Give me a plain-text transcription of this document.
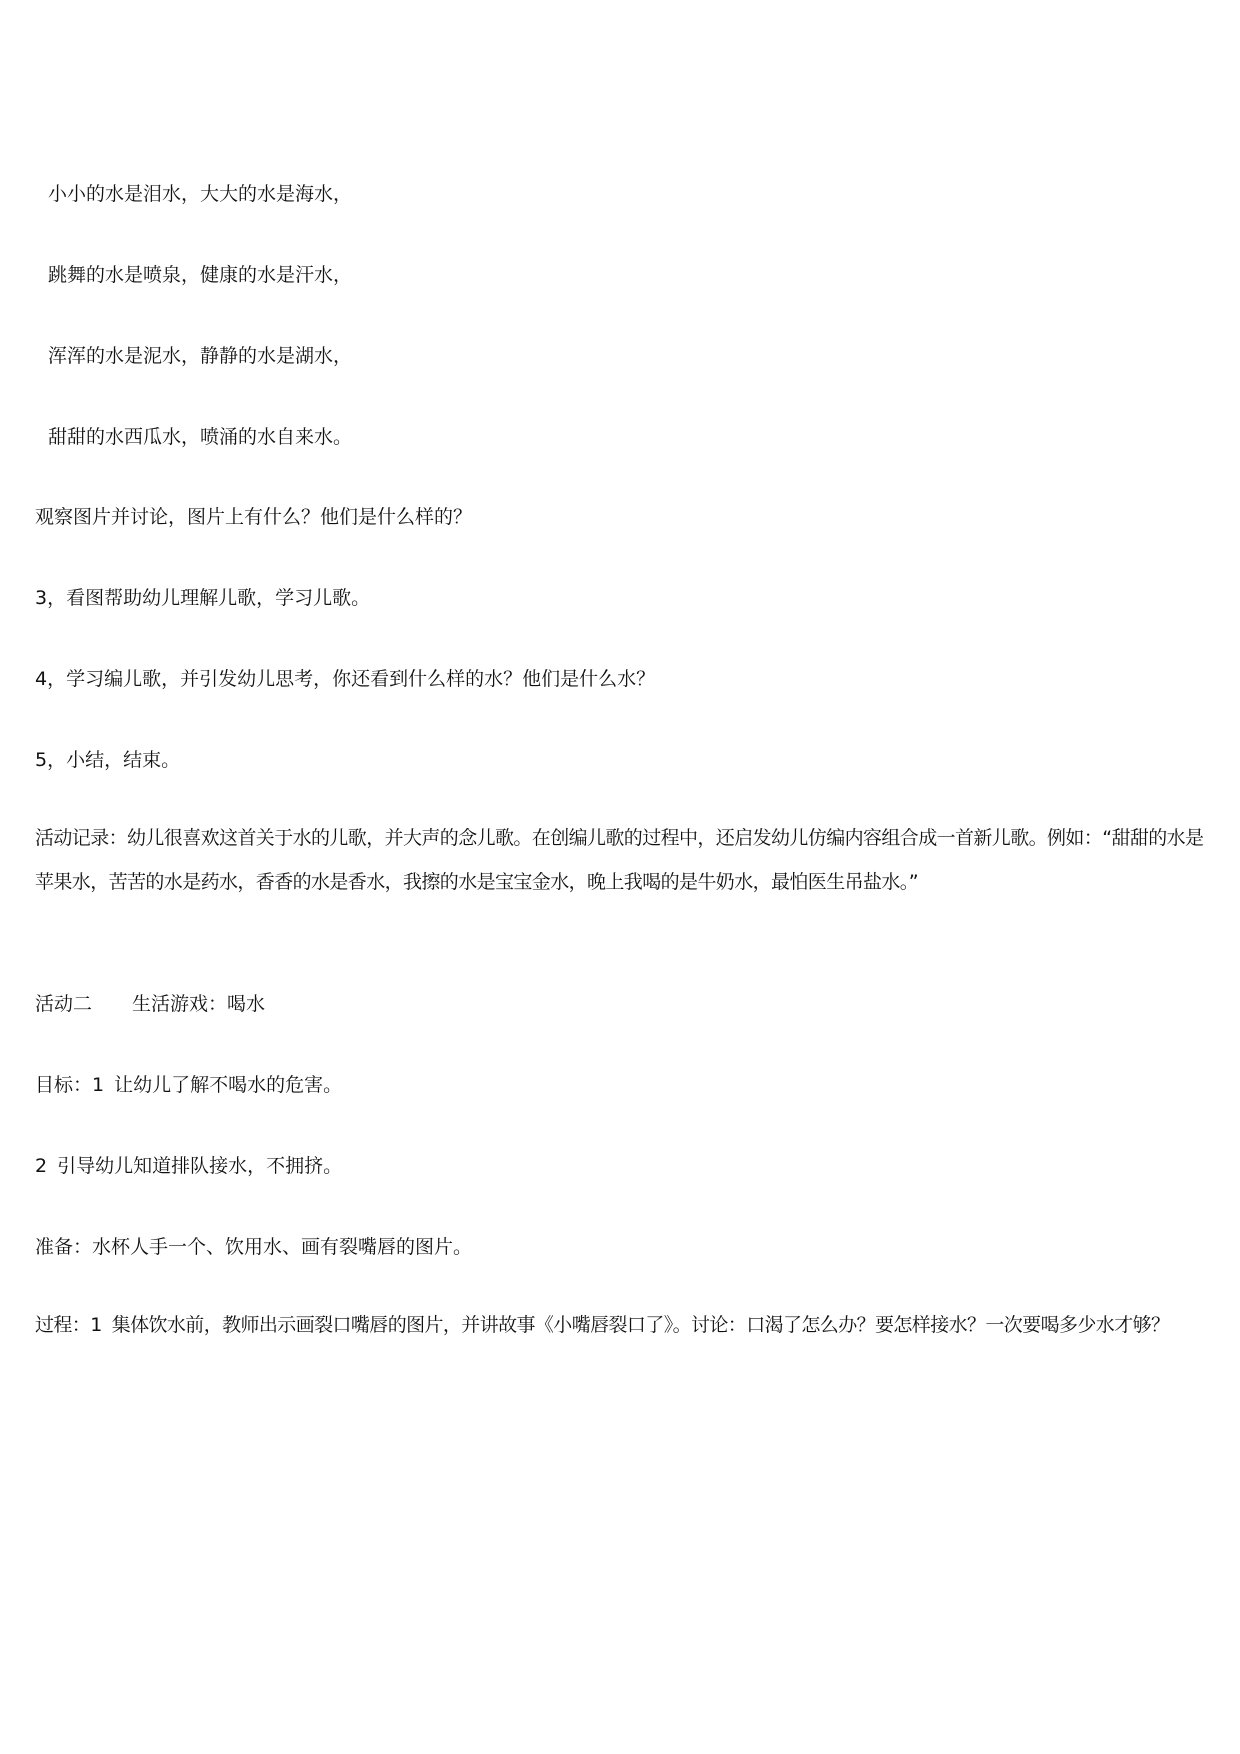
小小的水是泪水，大大的水是海水，
跳舞的水是喷泉，健康的水是汗水，
浑浑的水是泥水，静静的水是湖水，
甜甜的水西瓜水，喷涌的水自来水。
观察图片并讨论，图片上有什么？他们是什么样的？
3，看图帮助幼儿理解儿歌，学习儿歌。
4，学习编儿歌，并引发幼儿思考，你还看到什么样的水？他们是什么水？
5，小结，结束。
活动记录：幼儿很喜欢这首关于水的儿歌，并大声的念儿歌。在创编儿歌的过程中，还启发幼儿仿编内容组合成一首新儿歌。例如：“甜甜的水是苹果水，苦苦的水是药水，香香的水是香水，我擦的水是宝宝金水，晚上我喝的是牛奶水，最怕医生吊盐水。”
活动二 生活游戏：喝水
目标：1 让幼儿了解不喝水的危害。
2 引导幼儿知道排队接水，不拥挤。
准备：水杯人手一个、饮用水、画有裂嘴唇的图片。
过程：1 集体饮水前，教师出示画裂口嘴唇的图片，并讲故事《小嘴唇裂口了》。讨论：口渴了怎么办？要怎样接水？一次要喝多少水才够？
